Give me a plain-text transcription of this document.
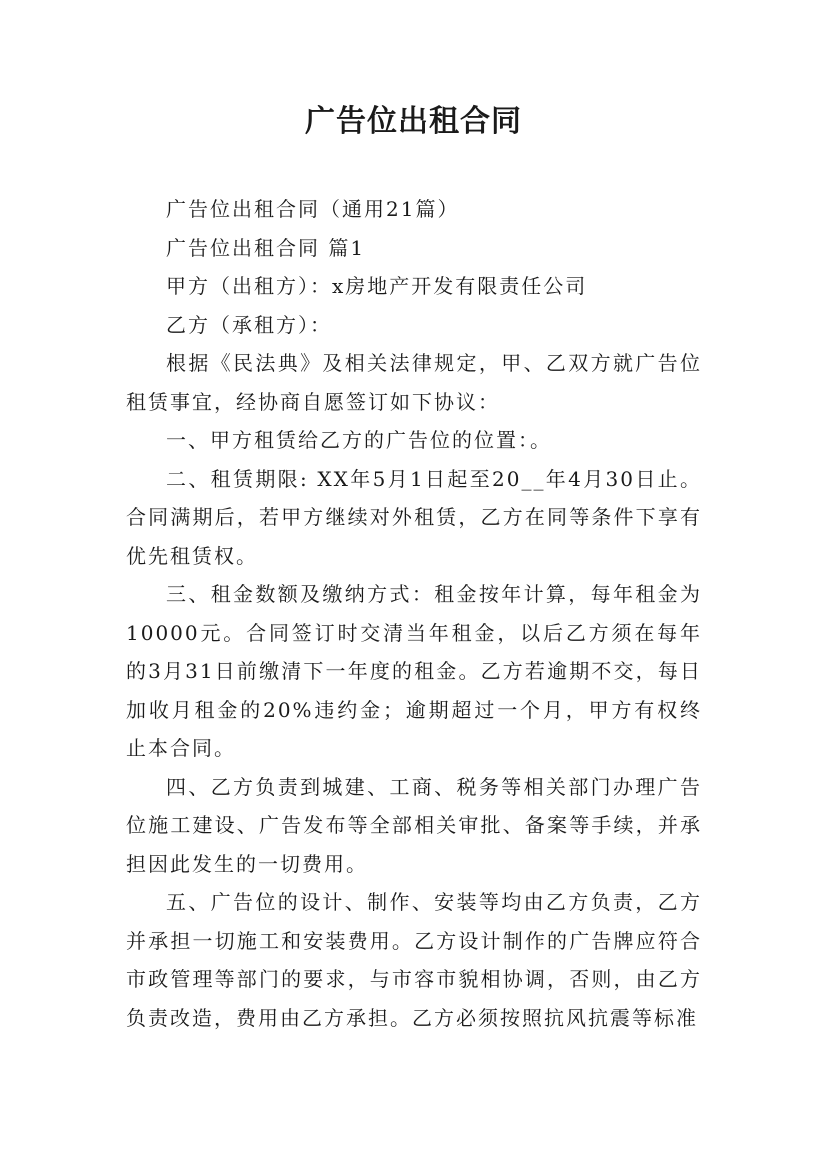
广告位出租合同

广告位出租合同（通用21篇）

广告位出租合同 篇1

甲方（出租方）：x房地产开发有限责任公司

乙方（承租方）：

根据《民法典》及相关法律规定，甲、乙双方就广告位租赁事宜，经协商自愿签订如下协议：

一、甲方租赁给乙方的广告位的位置：。

二、租赁期限: XX年5月1日起至20__年4月30日止。合同满期后，若甲方继续对外租赁，乙方在同等条件下享有优先租赁权。

三、租金数额及缴纳方式：租金按年计算，每年租金为10000元。合同签订时交清当年租金，以后乙方须在每年的3月31日前缴清下一年度的租金。乙方若逾期不交，每日加收月租金的20%违约金；逾期超过一个月，甲方有权终止本合同。

四、乙方负责到城建、工商、税务等相关部门办理广告位施工建设、广告发布等全部相关审批、备案等手续，并承担因此发生的一切费用。

五、广告位的设计、制作、安装等均由乙方负责，乙方并承担一切施工和安装费用。乙方设计制作的广告牌应符合市政管理等部门的要求，与市容市貌相协调，否则，由乙方负责改造，费用由乙方承担。乙方必须按照抗风抗震等标准
